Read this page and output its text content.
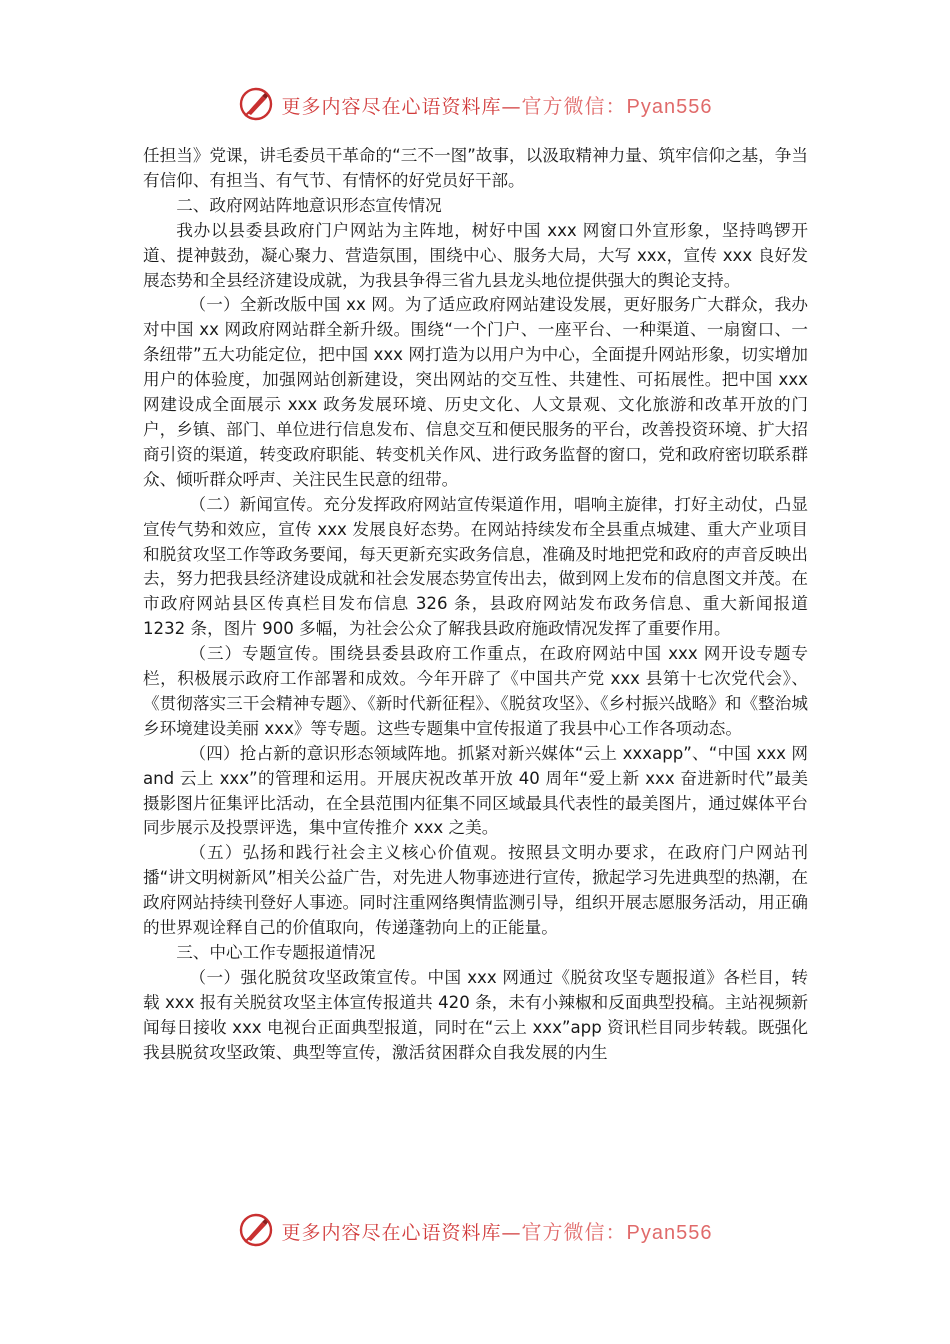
更多内容尽在心语资料库—官方微信：Pyan556

任担当》党课，讲毛委员干革命的“三不一图”故事，以汲取精神力量、筑牢信仰之基，争当有信仰、有担当、有气节、有情怀的好党员好干部。

二、政府网站阵地意识形态宣传情况

我办以县委县政府门户网站为主阵地，树好中国 xxx 网窗口外宣形象，坚持鸣锣开道、提神鼓劲，凝心聚力、营造氛围，围绕中心、服务大局，大写 xxx，宣传 xxx 良好发展态势和全县经济建设成就，为我县争得三省九县龙头地位提供强大的舆论支持。

（一）全新改版中国 xx 网。为了适应政府网站建设发展，更好服务广大群众，我办对中国 xx 网政府网站群全新升级。围绕“一个门户、一座平台、一种渠道、一扇窗口、一条纽带”五大功能定位，把中国 xxx 网打造为以用户为中心，全面提升网站形象，切实增加用户的体验度，加强网站创新建设，突出网站的交互性、共建性、可拓展性。把中国 xxx 网建设成全面展示 xxx 政务发展环境、历史文化、人文景观、文化旅游和改革开放的门户，乡镇、部门、单位进行信息发布、信息交互和便民服务的平台，改善投资环境、扩大招商引资的渠道，转变政府职能、转变机关作风、进行政务监督的窗口，党和政府密切联系群众、倾听群众呼声、关注民生民意的纽带。

（二）新闻宣传。充分发挥政府网站宣传渠道作用，唱响主旋律，打好主动仗，凸显宣传气势和效应，宣传 xxx 发展良好态势。在网站持续发布全县重点城建、重大产业项目和脱贫攻坚工作等政务要闻，每天更新充实政务信息，准确及时地把党和政府的声音反映出去，努力把我县经济建设成就和社会发展态势宣传出去，做到网上发布的信息图文并茂。在市政府网站县区传真栏目发布信息 326 条，县政府网站发布政务信息、重大新闻报道 1232 条，图片 900 多幅，为社会公众了解我县政府施政情况发挥了重要作用。

（三）专题宣传。围绕县委县政府工作重点，在政府网站中国 xxx 网开设专题专栏，积极展示政府工作部署和成效。今年开辟了《中国共产党 xxx 县第十七次党代会》、《贯彻落实三干会精神专题》、《新时代新征程》、《脱贫攻坚》、《乡村振兴战略》和《整治城乡环境建设美丽 xxx》等专题。这些专题集中宣传报道了我县中心工作各项动态。

（四）抢占新的意识形态领域阵地。抓紧对新兴媒体“云上 xxxapp”、“中国 xxx 网 and 云上 xxx”的管理和运用。开展庆祝改革开放 40 周年“爱上新 xxx 奋进新时代”最美摄影图片征集评比活动，在全县范围内征集不同区域最具代表性的最美图片，通过媒体平台同步展示及投票评选，集中宣传推介 xxx 之美。

（五）弘扬和践行社会主义核心价值观。按照县文明办要求，在政府门户网站刊播“讲文明树新风”相关公益广告，对先进人物事迹进行宣传，掀起学习先进典型的热潮，在政府网站持续刊登好人事迹。同时注重网络舆情监测引导，组织开展志愿服务活动，用正确的世界观诠释自己的价值取向，传递蓬勃向上的正能量。

三、中心工作专题报道情况

（一）强化脱贫攻坚政策宣传。中国 xxx 网通过《脱贫攻坚专题报道》各栏目，转载 xxx 报有关脱贫攻坚主体宣传报道共 420 条，未有小辣椒和反面典型投稿。主站视频新闻每日接收 xxx 电视台正面典型报道，同时在“云上 xxx”app 资讯栏目同步转载。既强化我县脱贫攻坚政策、典型等宣传，激活贫困群众自我发展的内生

更多内容尽在心语资料库—官方微信：Pyan556
